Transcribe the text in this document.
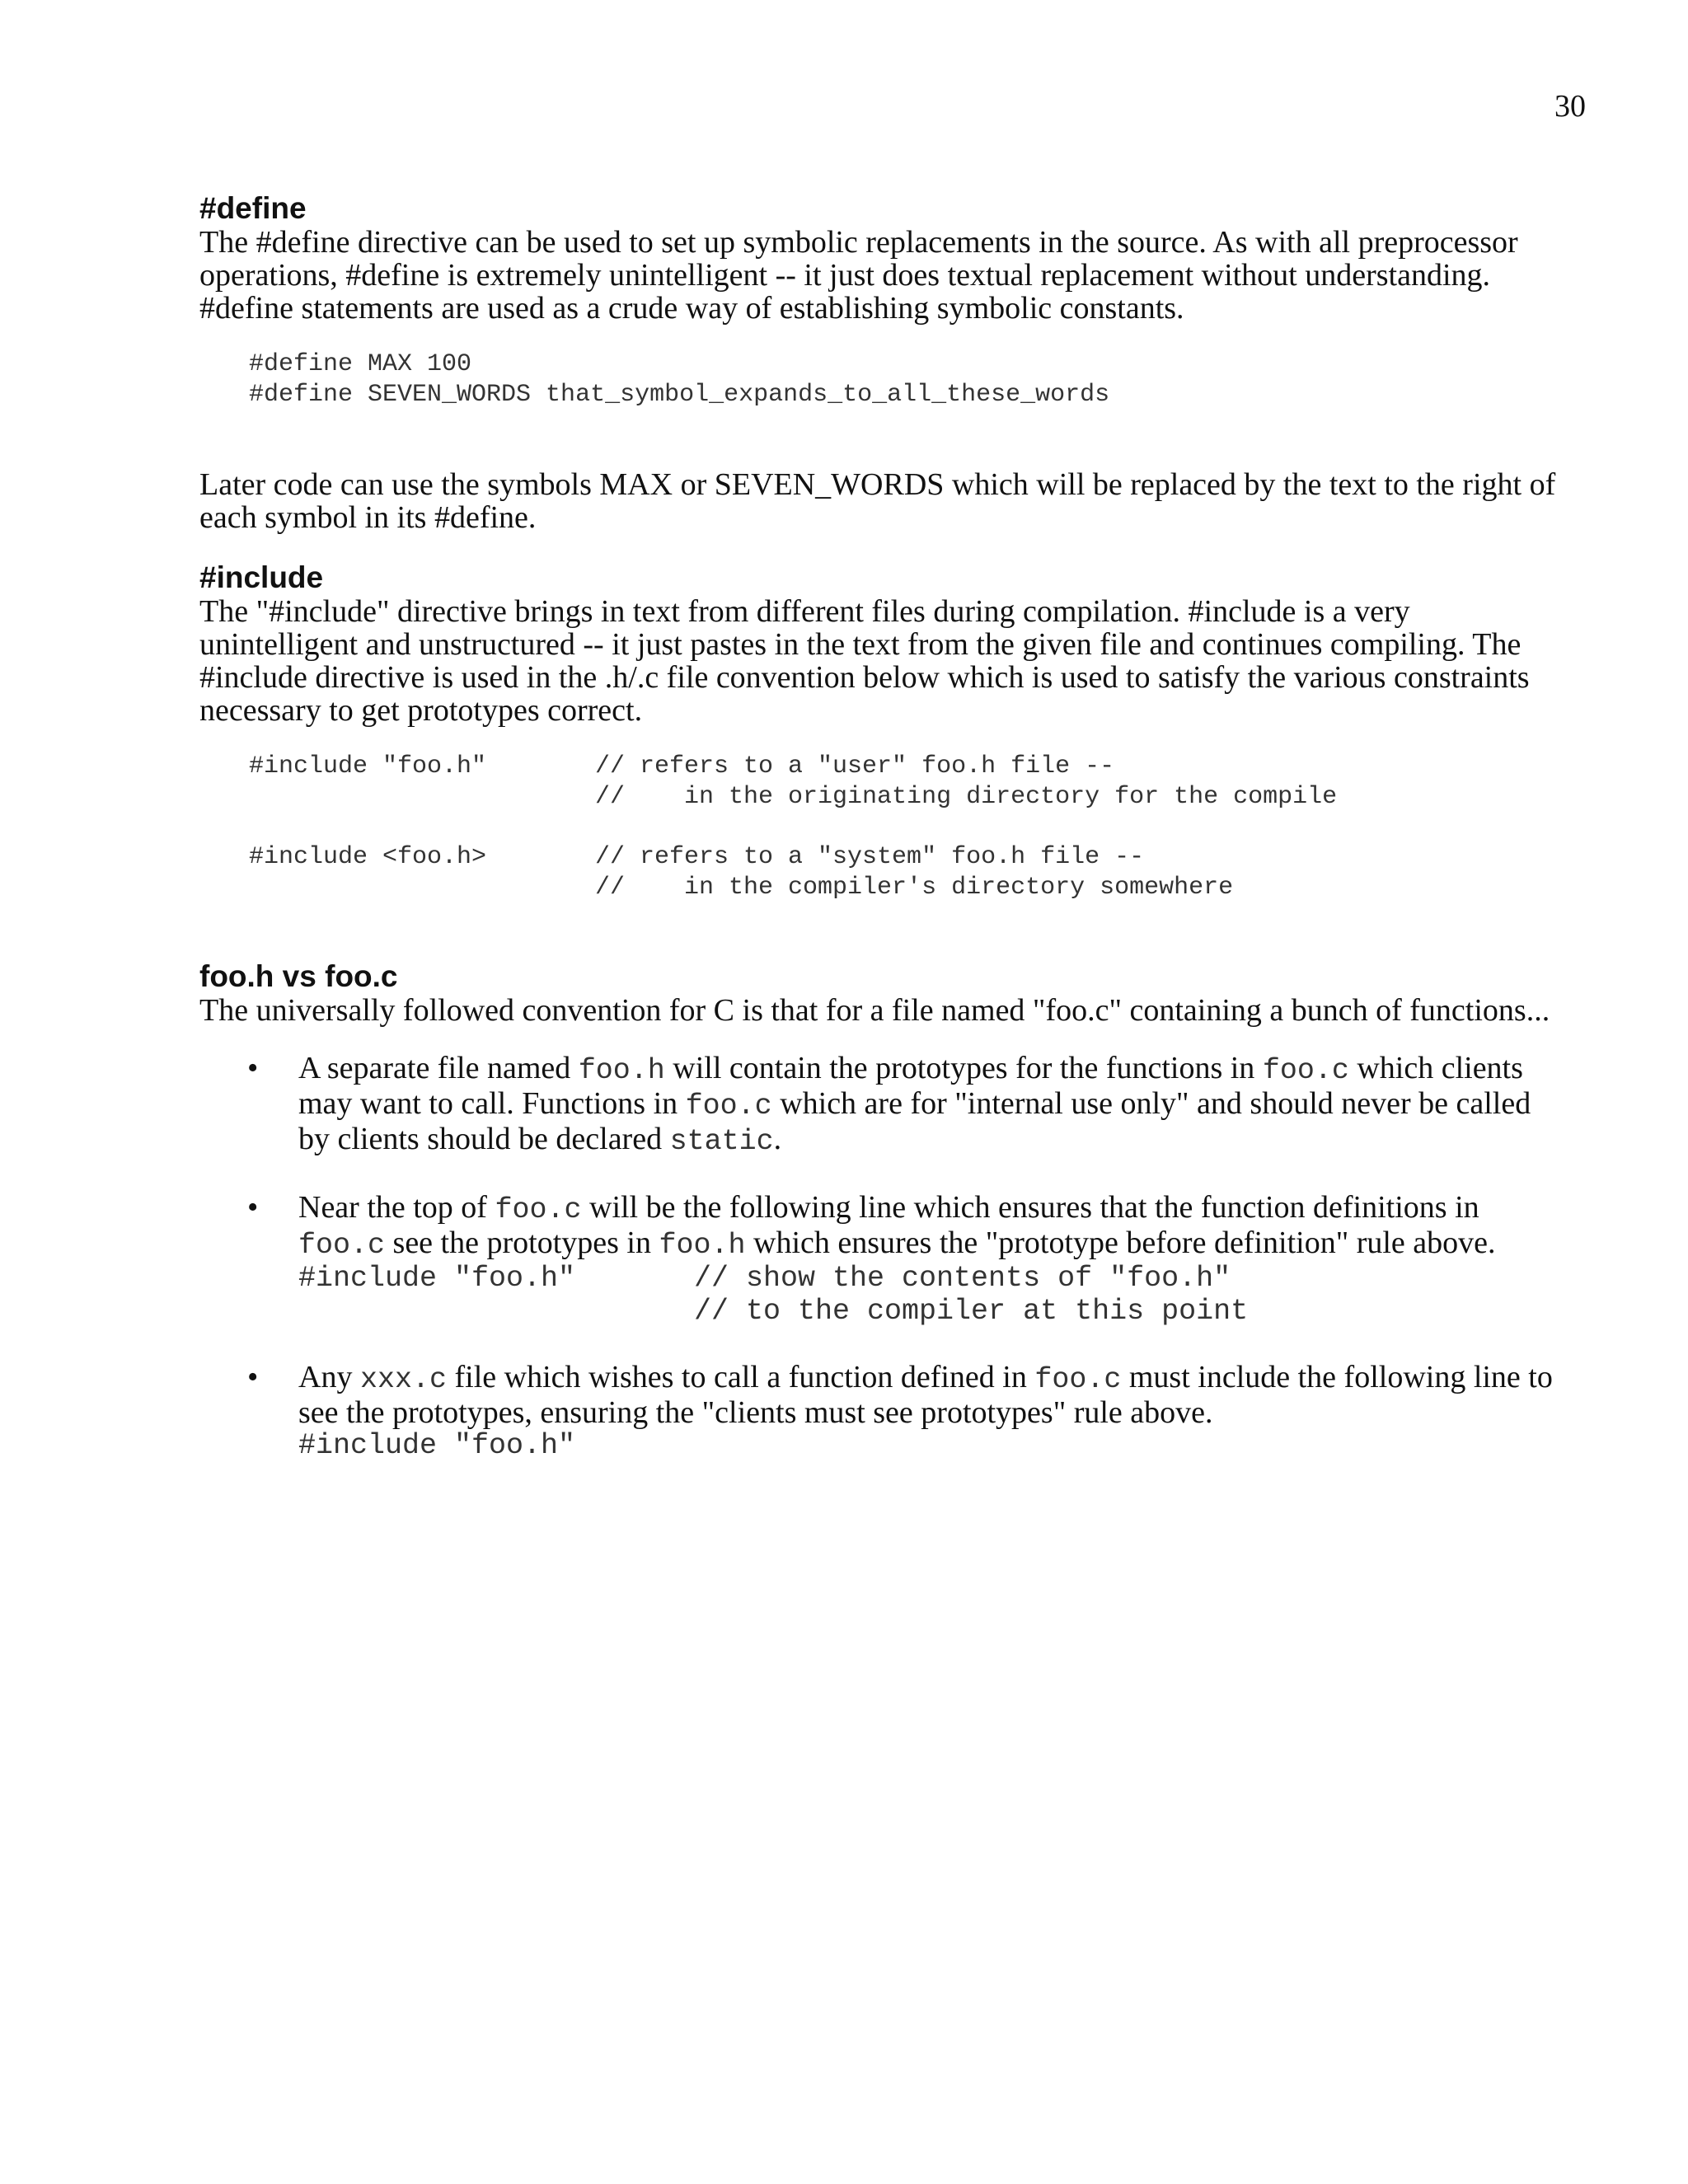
30
#define

The #define directive can be used to set up symbolic replacements in the source. As with all preprocessor operations, #define is extremely unintelligent -- it just does textual replacement without understanding. #define statements are used as a crude way of establishing symbolic constants.

#define MAX 100
#define SEVEN_WORDS that_symbol_expands_to_all_these_words

Later code can use the symbols MAX or SEVEN_WORDS which will be replaced by the text to the right of each symbol in its #define.

#include

The "#include" directive brings in text from different files during compilation. #include is a very unintelligent and unstructured -- it just pastes in the text from the given file and continues compiling. The #include directive is used in the .h/.c file convention below which is used to satisfy the various constraints necessary to get prototypes correct.

#include "foo.h"	// refers to a "user" foo.h file --
//    in the originating directory for the compile
#include <foo.h>	// refers to a "system" foo.h file --
//    in the compiler's directory somewhere
foo.h vs foo.c

The universally followed convention for C is that for a file named "foo.c" containing a bunch of functions...

• A separate file named foo.h will contain the prototypes for the functions in foo.c which clients may want to call. Functions in foo.c which are for "internal use only" and should never be called by clients should be declared static.
• Near the top of foo.c will be the following line which ensures that the function definitions in foo.c see the prototypes in foo.h which ensures the "prototype before definition" rule above.
#include "foo.h"	// show the contents of "foo.h"
// to the compiler at this point
• Any xxx.c file which wishes to call a function defined in foo.c must include the following line to see the prototypes, ensuring the "clients must see prototypes" rule above.
#include "foo.h"
